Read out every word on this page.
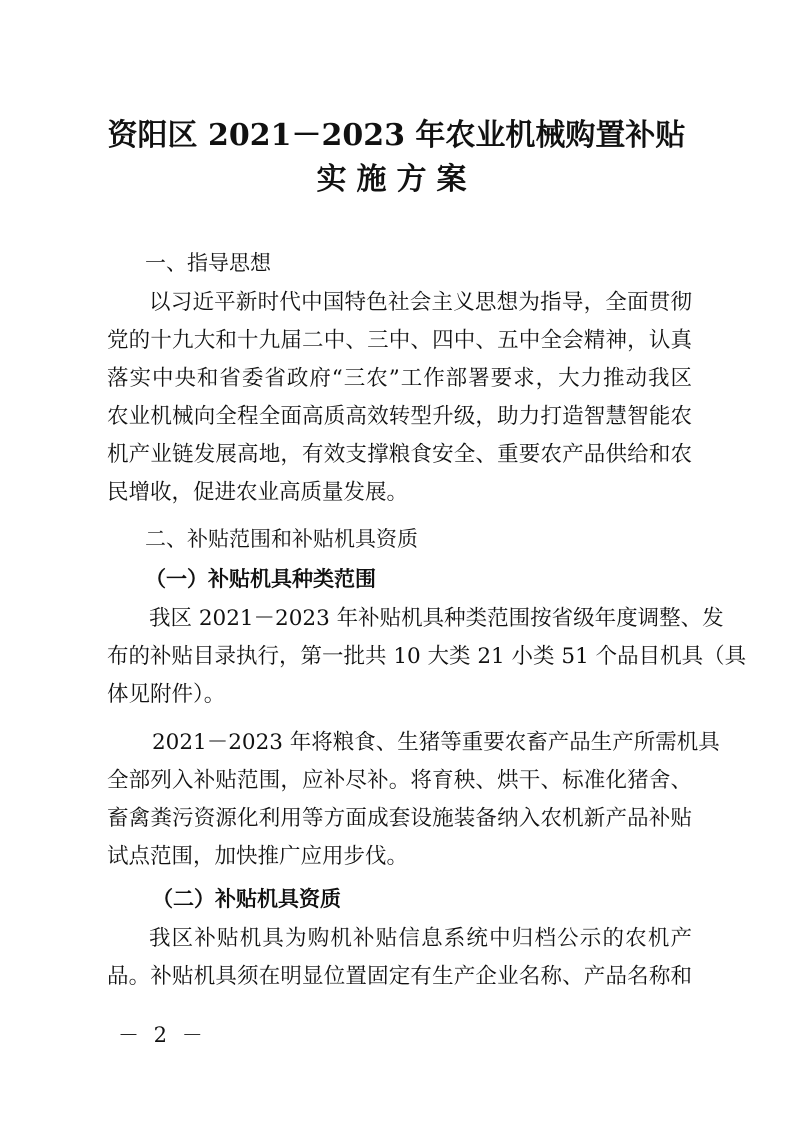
资阳区 2021－2023 年农业机械购置补贴
实施方案
一、指导思想
以习近平新时代中国特色社会主义思想为指导，全面贯彻
党的十九大和十九届二中、三中、四中、五中全会精神，认真
落实中央和省委省政府“三农”工作部署要求，大力推动我区
农业机械向全程全面高质高效转型升级，助力打造智慧智能农
机产业链发展高地，有效支撑粮食安全、重要农产品供给和农
民增收，促进农业高质量发展。
二、补贴范围和补贴机具资质
（一）补贴机具种类范围
我区 2021－2023 年补贴机具种类范围按省级年度调整、发
布的补贴目录执行，第一批共 10 大类 21 小类 51 个品目机具（具
体见附件）。
2021－2023 年将粮食、生猪等重要农畜产品生产所需机具
全部列入补贴范围，应补尽补。将育秧、烘干、标准化猪舍、
畜禽粪污资源化利用等方面成套设施装备纳入农机新产品补贴
试点范围，加快推广应用步伐。
（二）补贴机具资质
我区补贴机具为购机补贴信息系统中归档公示的农机产
品。补贴机具须在明显位置固定有生产企业名称、产品名称和
－ 2 －
